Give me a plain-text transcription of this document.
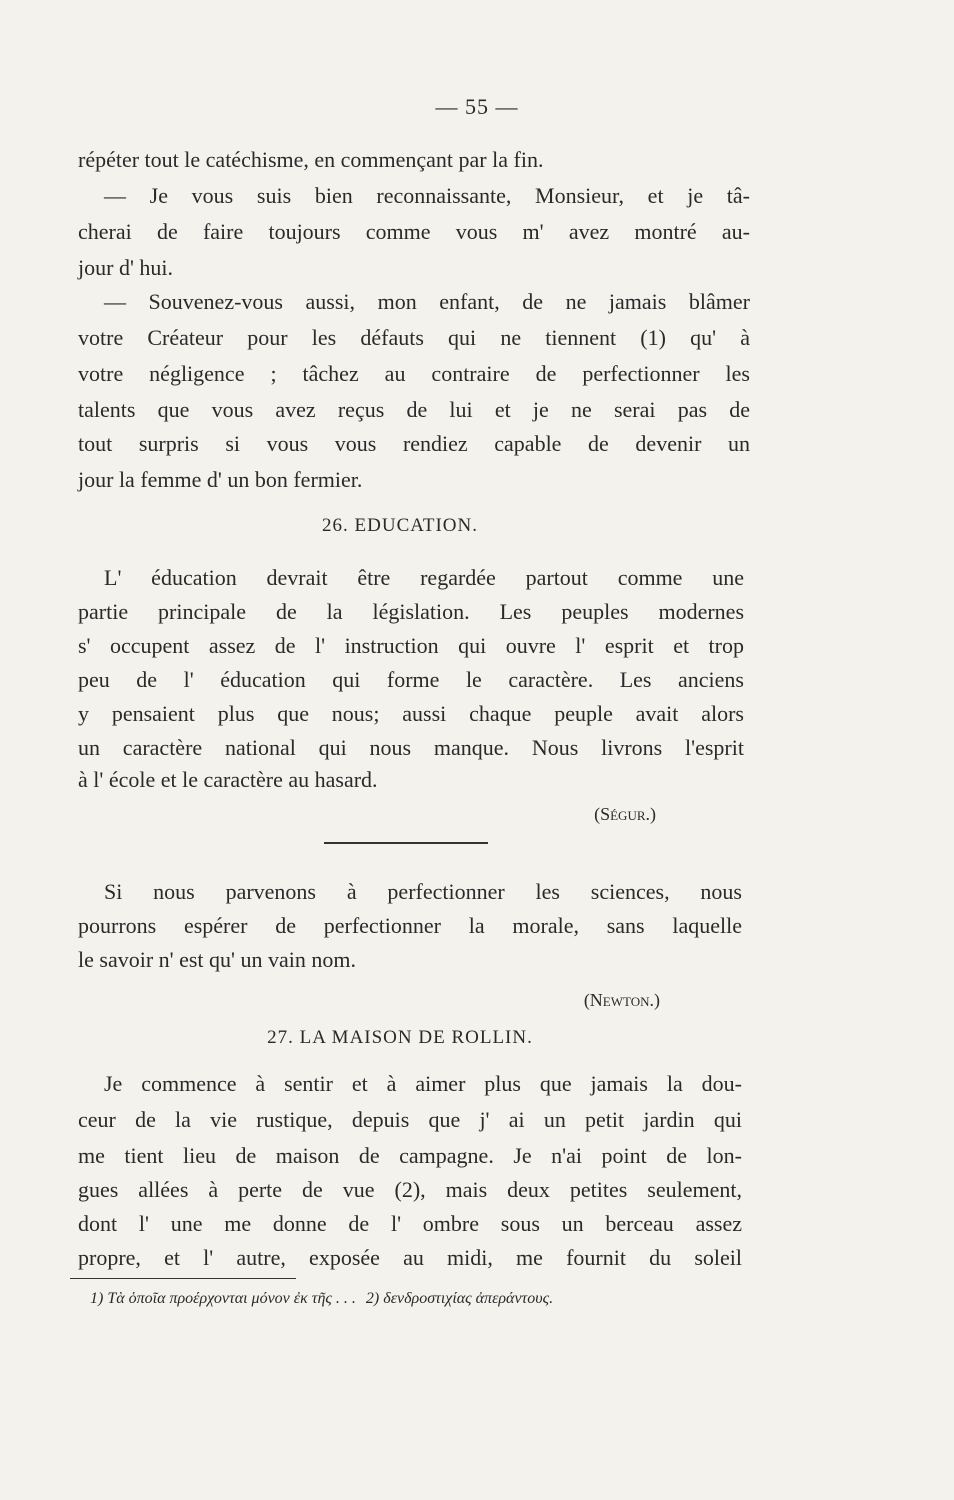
— 55 —
répéter tout le catéchisme, en commençant par la fin.
— Je vous suis bien reconnaissante, Monsieur, et je tâ-
cherai de faire toujours comme vous m' avez montré au-
jour d' hui.
— Souvenez-vous aussi, mon enfant, de ne jamais blâmer
votre Créateur pour les défauts qui ne tiennent (1) qu' à
votre négligence ; tâchez au contraire de perfectionner les
talents que vous avez reçus de lui et je ne serai pas de
tout surpris si vous vous rendiez capable de devenir un
jour la femme d' un bon fermier.
26. EDUCATION.
L' éducation devrait être regardée partout comme une
partie principale de la législation. Les peuples modernes
s' occupent assez de l' instruction qui ouvre l' esprit et trop
peu de l' éducation qui forme le caractère. Les anciens
y pensaient plus que nous; aussi chaque peuple avait alors
un caractère national qui nous manque. Nous livrons l'esprit
à l' école et le caractère au hasard.
(Ségur.)
Si nous parvenons à perfectionner les sciences, nous
pourrons espérer de perfectionner la morale, sans laquelle
le savoir n' est qu' un vain nom.
(Newton.)
27. LA MAISON DE ROLLIN.
Je commence à sentir et à aimer plus que jamais la dou-
ceur de la vie rustique, depuis que j' ai un petit jardin qui
me tient lieu de maison de campagne. Je n'ai point de lon-
gues allées à perte de vue (2), mais deux petites seulement,
dont l' une me donne de l' ombre sous un berceau assez
propre, et l' autre, exposée au midi, me fournit du soleil
1) Τὰ ὁποῖα προέρχονται μόνον ἐκ τῆς . . . 2) δενδροστιχίας ἀπεράντους.
